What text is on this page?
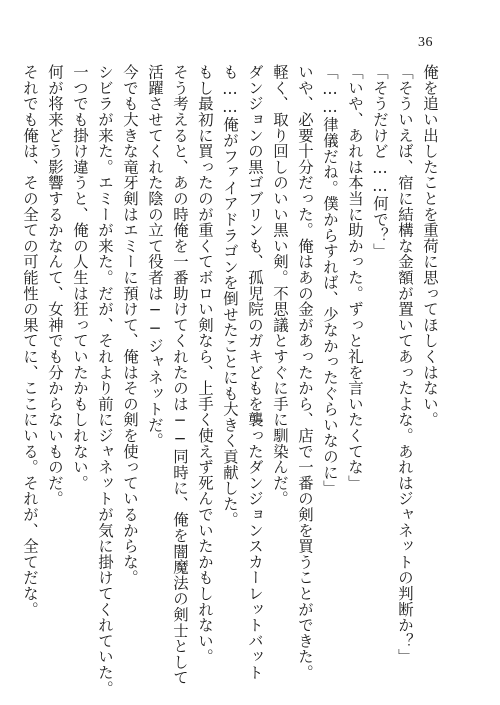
36
俺を追い出したことを重荷に思ってほしくはない。
「そういえば、宿に結構な金額が置いてあったよな。あれはジャネットの判断か？」
「そうだけど……何で？」
「いや、あれは本当に助かった。ずっと礼を言いたくてな」
「……律儀だね。僕からすれば、少なかったぐらいなのに」
いや、必要十分だった。俺はあの金があったから、店で一番の剣を買うことができた。
軽く、取り回しのいい黒い剣。不思議とすぐに手に馴染んだ。
ダンジョンの黒ゴブリンも、孤児院のガキどもを襲ったダンジョンスカーレットバット
も……俺がファイアドラゴンを倒せたことにも大きく貢献した。
もし最初に買ったのが重くてボロい剣なら、上手く使えず死んでいたかもしれない。
そう考えると、あの時俺を一番助けてくれたのは──同時に、俺を闇魔法の剣士として
活躍させてくれた陰の立て役者は──ジャネットだ。
今でも大きな竜牙剣はエミーに預けて、俺はその剣を使っているからな。
シビラが来た。エミーが来た。だが、それより前にジャネットが気に掛けてくれていた。
一つでも掛け違うと、俺の人生は狂っていたかもしれない。
何が将来どう影響するかなんて、女神でも分からないものだ。
それでも俺は、その全ての可能性の果てに、ここにいる。それが、全てだな。
